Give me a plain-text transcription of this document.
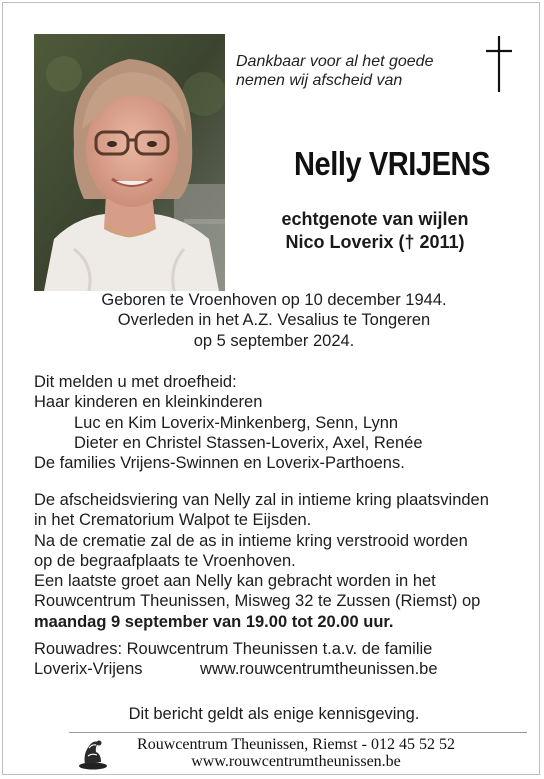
Dankbaar voor al het goede
nemen wij afscheid van
Nelly VRIJENS
echtgenote van wijlen
Nico Loverix († 2011)
Geboren te Vroenhoven op 10 december 1944.
Overleden in het A.Z. Vesalius te Tongeren
op 5 september 2024.
Dit melden u met droefheid:
Haar kinderen en kleinkinderen
Luc en Kim Loverix-Minkenberg, Senn, Lynn
Dieter en Christel Stassen-Loverix, Axel, Renée
De families Vrijens-Swinnen en Loverix-Parthoens.
De afscheidsviering van Nelly zal in intieme kring plaatsvinden
in het Crematorium Walpot te Eijsden.
Na de crematie zal de as in intieme kring verstrooid worden
op de begraafplaats te Vroenhoven.
Een laatste groet aan Nelly kan gebracht worden in het
Rouwcentrum Theunissen, Misweg 32 te Zussen (Riemst) op
maandag 9 september van 19.00 tot 20.00 uur.
Rouwadres: Rouwcentrum Theunissen t.a.v. de familie
Loverix-Vrijens	www.rouwcentrumtheunissen.be
Dit bericht geldt als enige kennisgeving.
Rouwcentrum Theunissen, Riemst - 012 45 52 52
www.rouwcentrumtheunissen.be
